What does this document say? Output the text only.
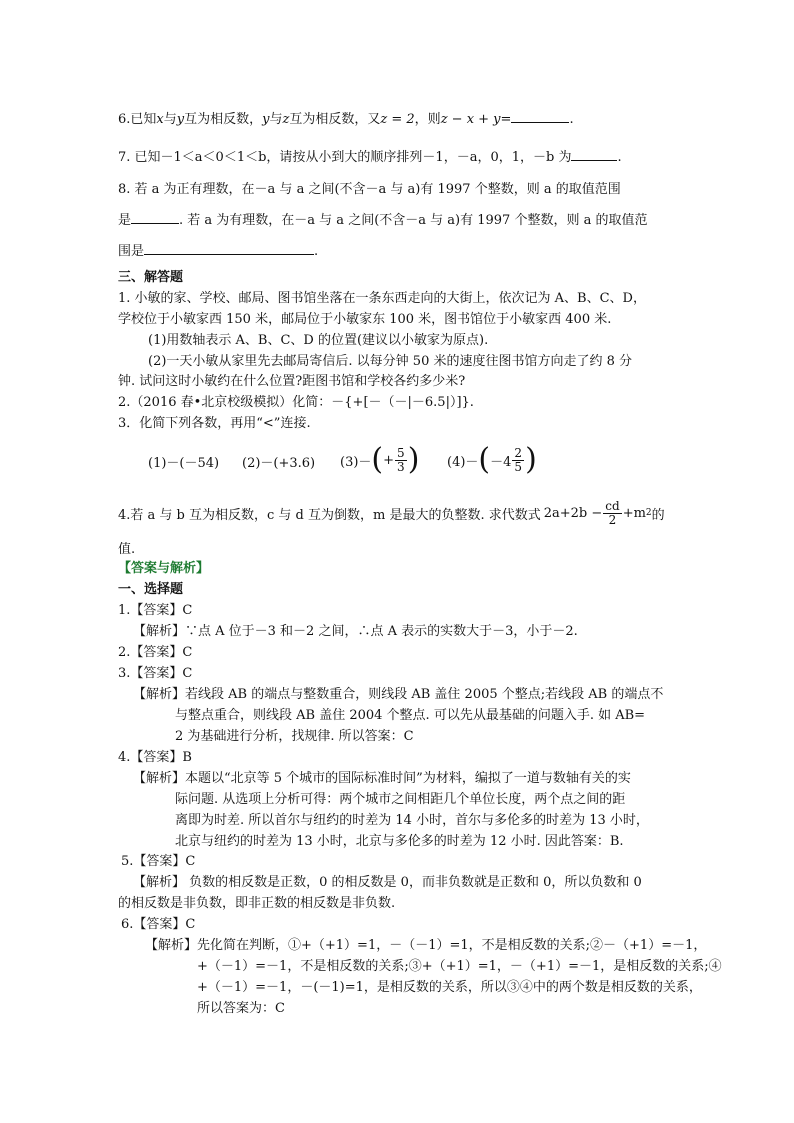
6.已知x与y互为相反数，y与z互为相反数，又z = 2，则z − x + y=	.
7. 已知－1＜a＜0＜1＜b，请按从小到大的顺序排列－1，－a，0，1，－b 为	.
8. 若 a 为正有理数，在－a 与 a 之间(不含－a 与 a)有 1997 个整数，则 a 的取值范围
是	. 若 a 为有理数，在－a 与 a 之间(不含－a 与 a)有 1997 个整数，则 a 的取值范
围是	.
三、解答题
1. 小敏的家、学校、邮局、图书馆坐落在一条东西走向的大街上，依次记为 A、B、C、D，
学校位于小敏家西 150 米，邮局位于小敏家东 100 米，图书馆位于小敏家西 400 米.
(1)用数轴表示 A、B、C、D 的位置(建议以小敏家为原点).
(2)一天小敏从家里先去邮局寄信后. 以每分钟 50 米的速度往图书馆方向走了约 8 分
钟. 试问这时小敏约在什么位置?距图书馆和学校各约多少米?
2.（2016 春•北京校级模拟）化简：－{+[－（－|－6.5|）]}.
3．化简下列各数，再用“<”连接.
(1)－(－54) (2)－(+3.6) (3)－ ( + $\frac{5}{3}$ ) (4)－ ( $-4 \frac{2}{5}$ )
4.若 a 与 b 互为相反数，c 与 d 互为倒数，m 是最大的负整数. 求代数式 $2a+2b - \frac{cd}{2} +m$ 2 的
值.
【答案与解析】
一、选择题
1.【答案】C
【解析】∵点 A 位于－3 和－2 之间，∴点 A 表示的实数大于－3，小于－2.
2.【答案】C
3.【答案】C
【解析】若线段 AB 的端点与整数重合，则线段 AB 盖住 2005 个整点;若线段 AB 的端点不
与整点重合，则线段 AB 盖住 2004 个整点. 可以先从最基础的问题入手. 如 AB=
2 为基础进行分析，找规律. 所以答案：C
4.【答案】B
【解析】本题以“北京等 5 个城市的国际标准时间”为材料，编拟了一道与数轴有关的实
际问题. 从选项上分析可得：两个城市之间相距几个单位长度，两个点之间的距
离即为时差. 所以首尔与纽约的时差为 14 小时，首尔与多伦多的时差为 13 小时，
北京与纽约的时差为 13 小时，北京与多伦多的时差为 12 小时. 因此答案：B.
5.【答案】C
【解析】 负数的相反数是正数，0 的相反数是 0，而非负数就是正数和 0，所以负数和 0
的相反数是非负数，即非正数的相反数是非负数.
6.【答案】C
【解析】先化简在判断，①+（+1）=1，－（－1）=1，不是相反数的关系;②－（+1）=－1，
+（－1）=－1，不是相反数的关系;③+（+1）=1，－（+1）=－1，是相反数的关系;④
+（－1）=－1，－(－1)=1，是相反数的关系，所以③④中的两个数是相反数的关系，
所以答案为：C
